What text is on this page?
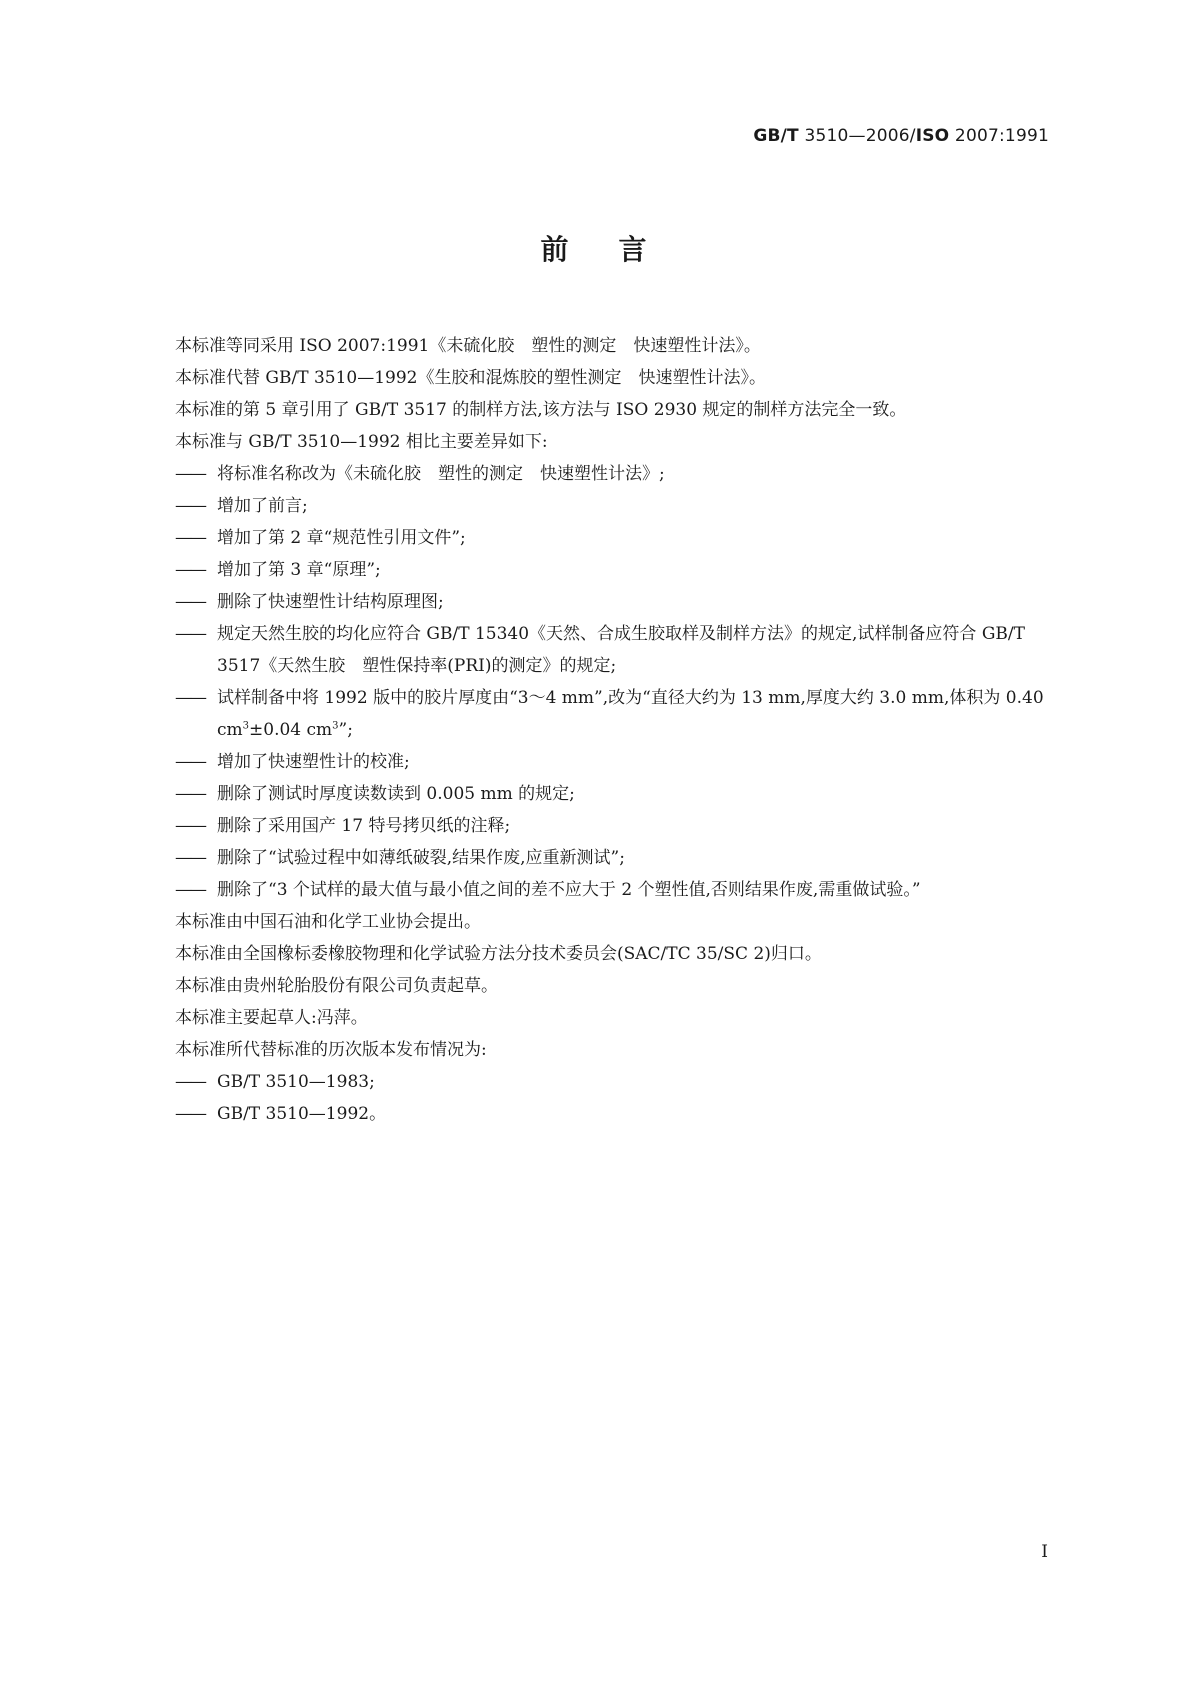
GB/T 3510—2006/ISO 2007:1991
前 言

本标准等同采用 ISO 2007:1991《未硫化胶　塑性的测定　快速塑性计法》。

本标准代替 GB/T 3510—1992《生胶和混炼胶的塑性测定　快速塑性计法》。

本标准的第 5 章引用了 GB/T 3517 的制样方法,该方法与 ISO 2930 规定的制样方法完全一致。

本标准与 GB/T 3510—1992 相比主要差异如下:

—— 将标准名称改为《未硫化胶　塑性的测定　快速塑性计法》;

—— 增加了前言;

—— 增加了第 2 章“规范性引用文件”;

—— 增加了第 3 章“原理”;

—— 删除了快速塑性计结构原理图;

—— 规定天然生胶的均化应符合 GB/T 15340《天然、合成生胶取样及制样方法》的规定,试样制备应符合 GB/T 3517《天然生胶　塑性保持率(PRI)的测定》的规定;

—— 试样制备中将 1992 版中的胶片厚度由“3～4 mm”,改为“直径大约为 13 mm,厚度大约 3.0 mm,体积为 0.40 $cm^3\pm 0.04$ $cm^3$”;

—— 增加了快速塑性计的校准;

—— 删除了测试时厚度读数读到 0.005 mm 的规定;

—— 删除了采用国产 17 特号拷贝纸的注释;

—— 删除了“试验过程中如薄纸破裂,结果作废,应重新测试”;

—— 删除了“3 个试样的最大值与最小值之间的差不应大于 2 个塑性值,否则结果作废,需重做试验。”

本标准由中国石油和化学工业协会提出。

本标准由全国橡标委橡胶物理和化学试验方法分技术委员会(SAC/TC 35/SC 2)归口。

本标准由贵州轮胎股份有限公司负责起草。

本标准主要起草人:冯萍。

本标准所代替标准的历次版本发布情况为:

—— GB/T 3510—1983;

—— GB/T 3510—1992。

I
